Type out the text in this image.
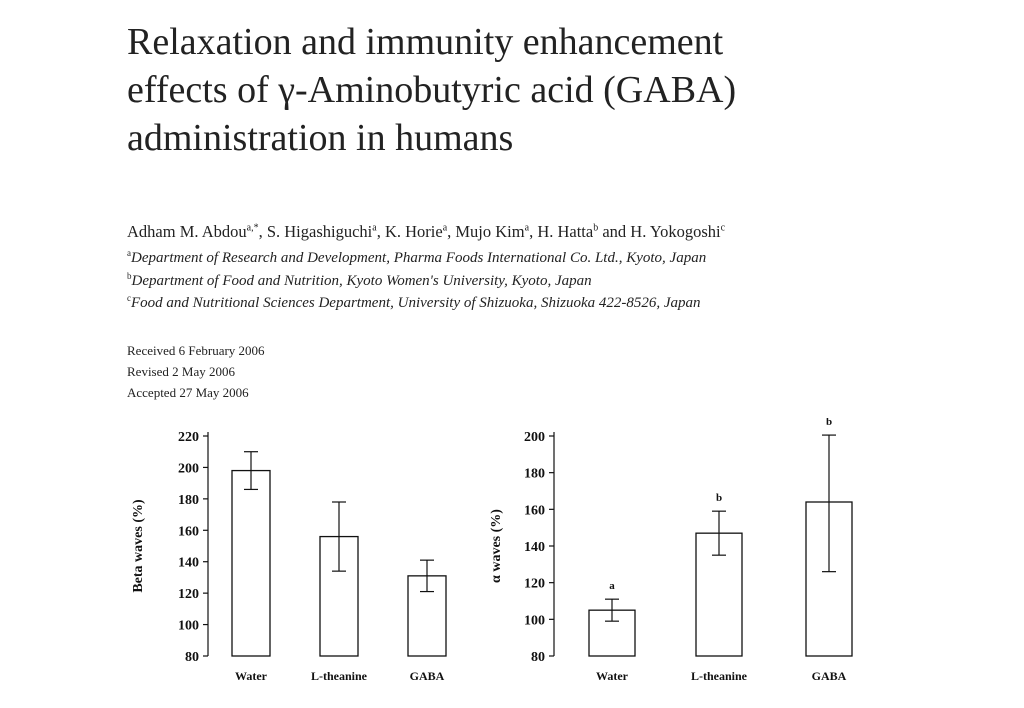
Relaxation and immunity enhancement
effects of γ-Aminobutyric acid (GABA)
administration in humans
Adham M. Abdou$^{a,*}$, S. Higashiguchi$^a$, K. Horie$^a$, Mujo Kim$^a$, H. Hatta$^b$ and H. Yokogoshi$^c$
$^a$Department of Research and Development, Pharma Foods International Co. Ltd., Kyoto, Japan
$^b$Department of Food and Nutrition, Kyoto Women's University, Kyoto, Japan
$^c$Food and Nutritional Sciences Department, University of Shizuoka, Shizuoka 422-8526, Japan
Received 6 February 2006
Revised 2 May 2006
Accepted 27 May 2006
80
100
120
140
160
180
200
220
Beta waves (%)
Water	L-theanine	GABA
80
100
120
140
160
180
200
α waves (%)
a
Water
b
L-theanine
b
GABA
